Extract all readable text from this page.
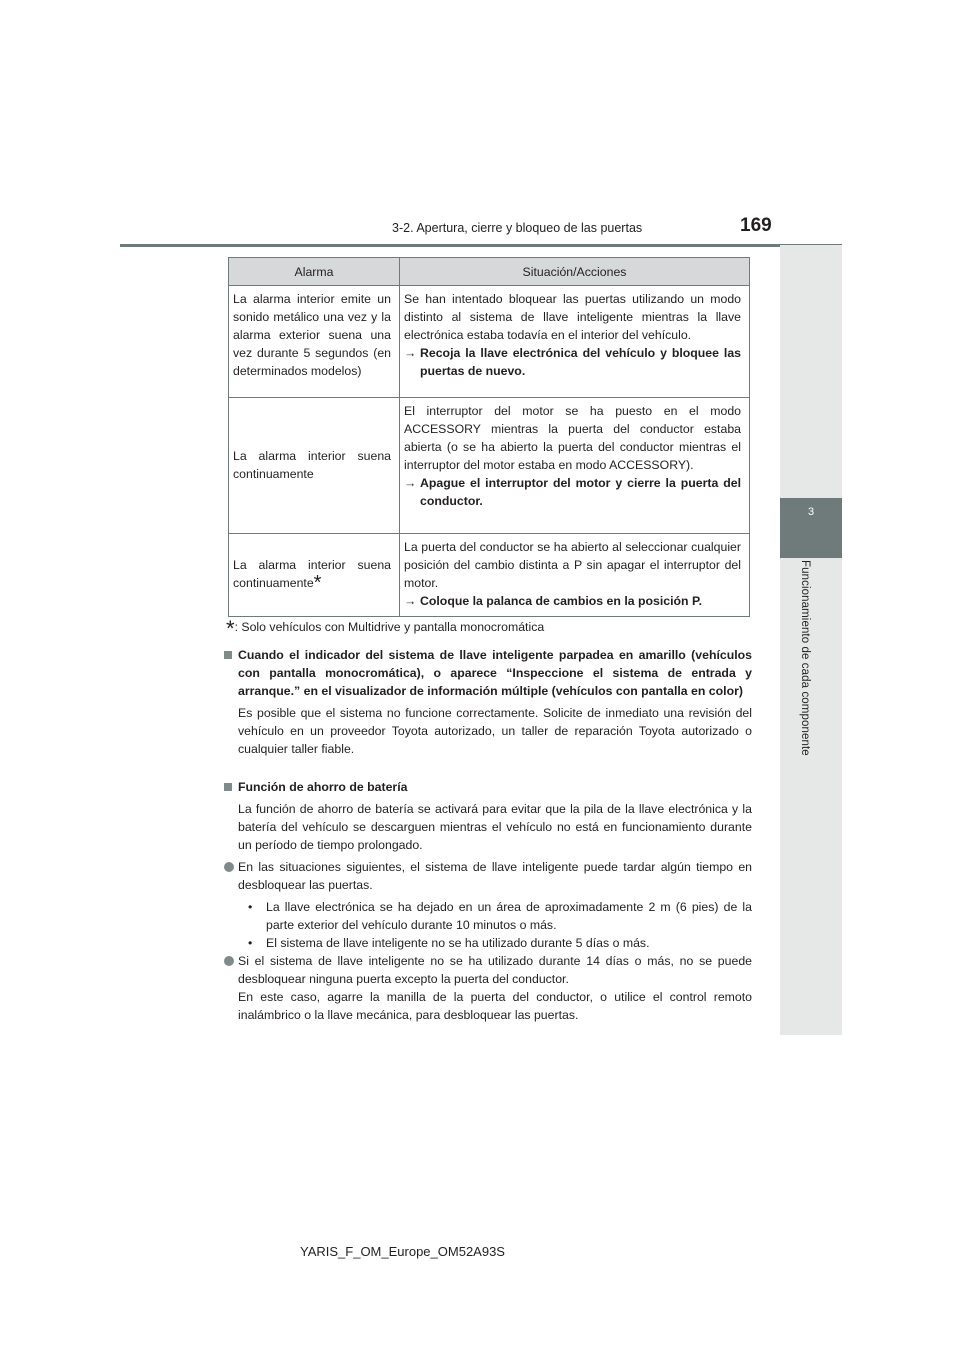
3-2. Apertura, cierre y bloqueo de las puertas	169
3
Funcionamiento de cada componente
Alarma	Situación/Acciones
La alarma interior emite un sonido metálico una vez y la alarma exterior suena una vez durante 5 segundos (en determinados modelos)	Se han intentado bloquear las puertas utilizando un modo distinto al sistema de llave inteligente mientras la llave electrónica estaba todavía en el interior del vehículo.
→ Recoja la llave electrónica del vehículo y bloquee las puertas de nuevo.

La alarma interior suena continuamente	El interruptor del motor se ha puesto en el modo ACCESSORY mientras la puerta del conductor estaba abierta (o se ha abierto la puerta del conductor mientras el interruptor del motor estaba en modo ACCESSORY).
→ Apague el interruptor del motor y cierre la puerta del conductor.

La alarma interior suena continuamente*	La puerta del conductor se ha abierto al seleccionar cualquier posición del cambio distinta a P sin apagar el interruptor del motor.
→ Coloque la palanca de cambios en la posición P.
*: Solo vehículos con Multidrive y pantalla monocromática
Cuando el indicador del sistema de llave inteligente parpadea en amarillo (vehículos con pantalla monocromática), o aparece “Inspeccione el sistema de entrada y arranque.” en el visualizador de información múltiple (vehículos con pantalla en color)
Es posible que el sistema no funcione correctamente. Solicite de inmediato una revisión del vehículo en un proveedor Toyota autorizado, un taller de reparación Toyota autorizado o cualquier taller fiable.
Función de ahorro de batería
La función de ahorro de batería se activará para evitar que la pila de la llave electrónica y la batería del vehículo se descarguen mientras el vehículo no está en funcionamiento durante un período de tiempo prolongado.
En las situaciones siguientes, el sistema de llave inteligente puede tardar algún tiempo en desbloquear las puertas.
• La llave electrónica se ha dejado en un área de aproximadamente 2 m (6 pies) de la parte exterior del vehículo durante 10 minutos o más.
• El sistema de llave inteligente no se ha utilizado durante 5 días o más.
Si el sistema de llave inteligente no se ha utilizado durante 14 días o más, no se puede desbloquear ninguna puerta excepto la puerta del conductor.
En este caso, agarre la manilla de la puerta del conductor, o utilice el control remoto inalámbrico o la llave mecánica, para desbloquear las puertas.
YARIS_F_OM_Europe_OM52A93S
